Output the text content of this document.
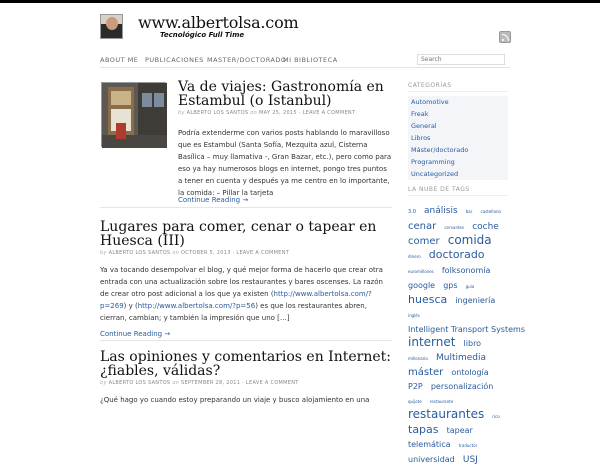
www.albertolsa.com
Tecnológico Full Time
ABOUT ME PUBLICACIONES MASTER/DOCTORADO
MI BIBLIOTECA
Search
Va de viajes: Gastronomía en Estambul (o Istanbul)
by ALBERTO LOS SANTOS on MAY 25, 2015 · LEAVE A COMMENT

Podría extenderme con varios posts hablando lo maravilloso que es Estambul (Santa Sofía, Mezquita azul, Cisterna Basílica – muy llamativa -, Gran Bazar, etc.), pero como para eso ya hay numerosos blogs en internet, pongo tres puntos a tener en cuenta y después ya me centro en lo importante, la comida: – Pillar la tarjeta

Continue Reading →
Lugares para comer, cenar o tapear en Huesca (III)
by ALBERTO LOS SANTOS on OCTOBER 5, 2013 · LEAVE A COMMENT

Ya va tocando desempolvar el blog, y qué mejor forma de hacerlo que crear otra entrada con una actualización sobre los restaurantes y bares oscenses. La razón de crear otro post adicional a los que ya existen (http://www.albertolsa.com/?p=269) y (http://www.albertolsa.com/?p=56) es que los restaurantes abren, cierran, cambian; y también la impresión que uno […]

Continue Reading →
Las opiniones y comentarios en Internet: ¿fiables, válidas?
by ALBERTO LOS SANTOS on SEPTEMBER 28, 2011 · LEAVE A COMMENT

¿Qué hago yo cuando estoy preparando un viaje y busco alojamiento en una

CATEGORÍAS
Automotive
Freak
General
Libros
Máster/doctorado
Programming
Uncategorized
LA NUBE DE TAGS
3.0 análisis bar castellano cenar cervantes coche comer comida dinero doctorado euromillones folksonomía google gps guia huesca ingeniería inglés Intelligent Transport Systems internet libro millonario Multimedia máster ontología P2P personalización quijote restaurante restaurantes rico tapas tapear telemática traductor universidad USJ
